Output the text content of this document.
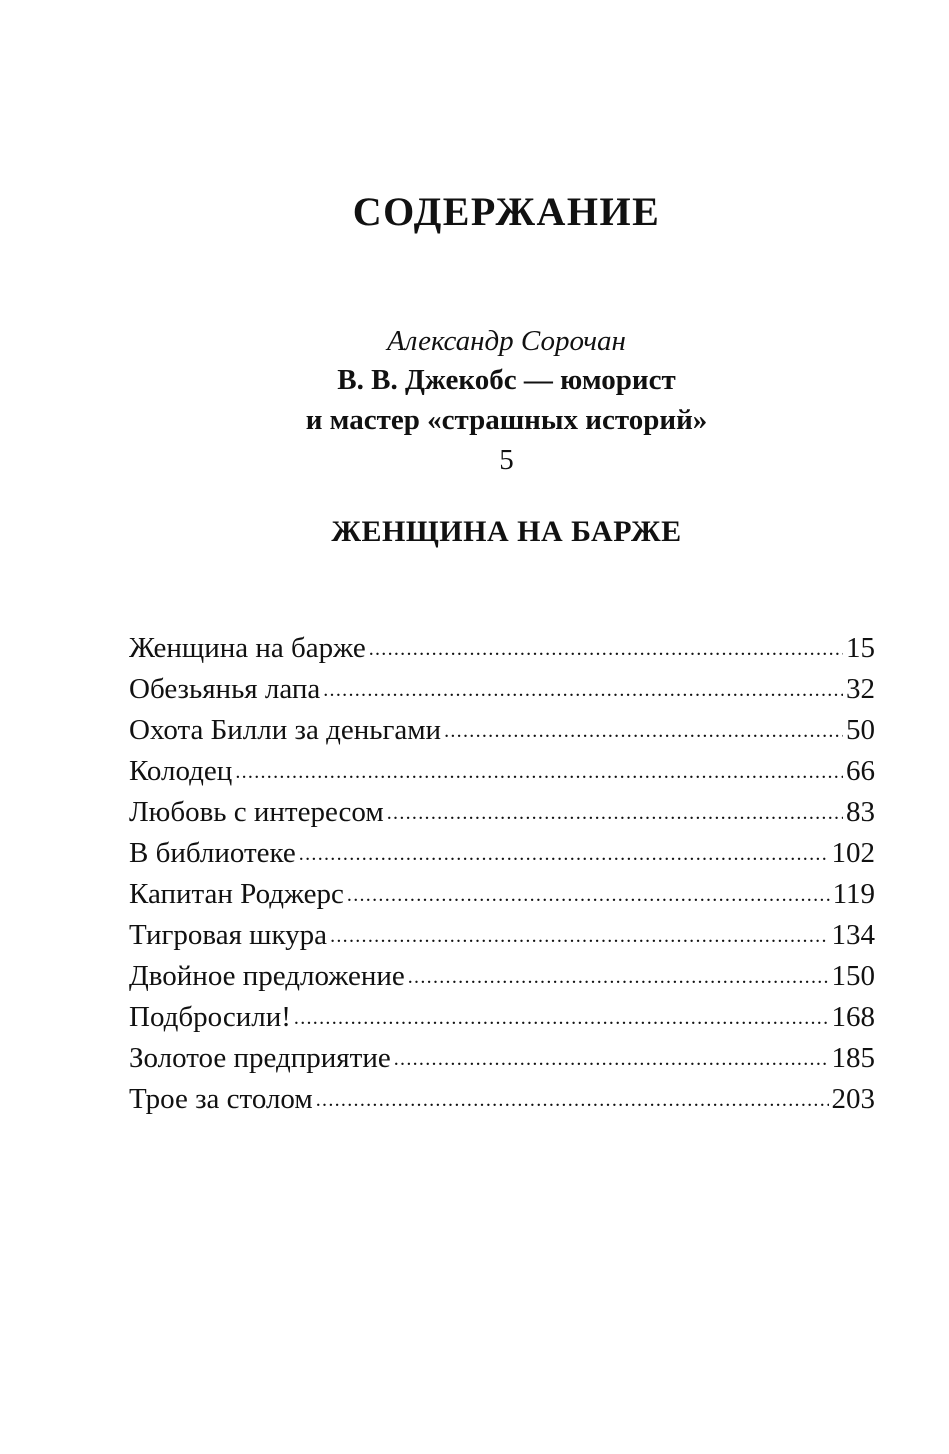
СОДЕРЖАНИЕ
Александр Сорочан
В. В. Джекобс — юморист
и мастер «страшных историй»
5
ЖЕНЩИНА НА БАРЖЕ
Женщина на барже .....	15
Обезьянья лапа .....	32
Охота Билли за деньгами .....	50
Колодец .....	66
Любовь с интересом .....	83
В библиотеке .....	102
Капитан Роджерс .....	119
Тигровая шкура .....	134
Двойное предложение .....	150
Подбросили! .....	168
Золотое предприятие .....	185
Трое за столом .....	203
